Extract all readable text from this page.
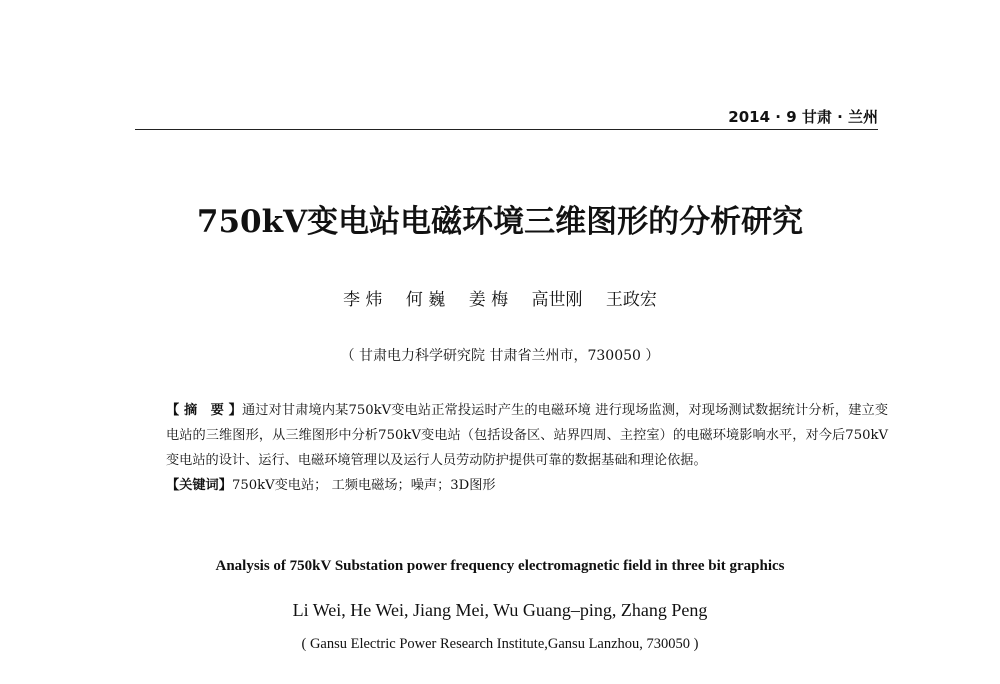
2014 · 9 甘肃 · 兰州
750kV变电站电磁环境三维图形的分析研究
李 炜 何 巍 姜 梅 高世刚 王政宏
（ 甘肃电力科学研究院 甘肃省兰州市，730050 ）
【 摘　要 】通过对甘肃境内某750kV变电站正常投运时产生的电磁环境 进行现场监测，对现场测试数据统计分析，建立变电站的三维图形，从三维图形中分析750kV变电站（包括设备区、站界四周、主控室）的电磁环境影响水平，对今后750kV变电站的设计、运行、电磁环境管理以及运行人员劳动防护提供可靠的数据基础和理论依据。
【关键词】750kV变电站； 工频电磁场；噪声；3D图形
Analysis of 750kV Substation power frequency electromagnetic field in three bit graphics
Li Wei, He Wei, Jiang Mei, Wu Guang–ping, Zhang Peng
( Gansu Electric Power Research Institute,Gansu Lanzhou, 730050 )
